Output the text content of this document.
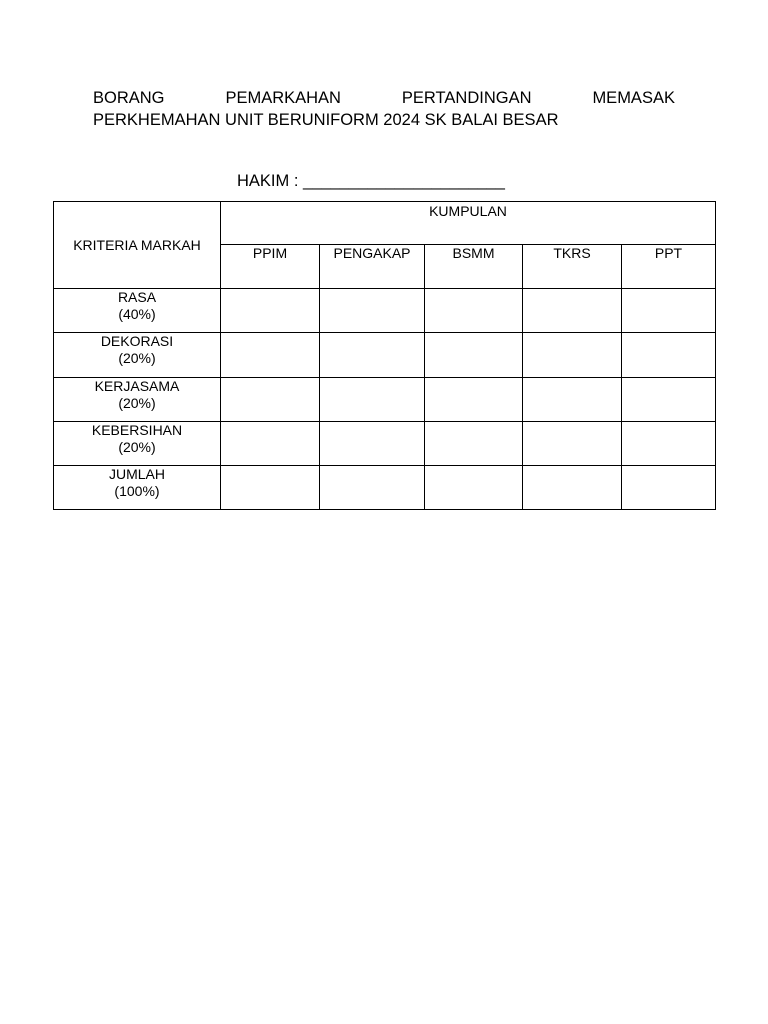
BORANG	PEMARKAHAN	PERTANDINGAN	MEMASAK
PERKHEMAHAN UNIT BERUNIFORM 2024 SK BALAI BESAR
HAKIM : ______________________
KRITERIA MARKAH	KUMPULAN				

	PPIM	PENGAKAP	BSMM	TKRS	PPT

RASA
(40%)					

DEKORASI
(20%)					

KERJASAMA
(20%)					

KEBERSIHAN
(20%)					

JUMLAH
(100%)					
